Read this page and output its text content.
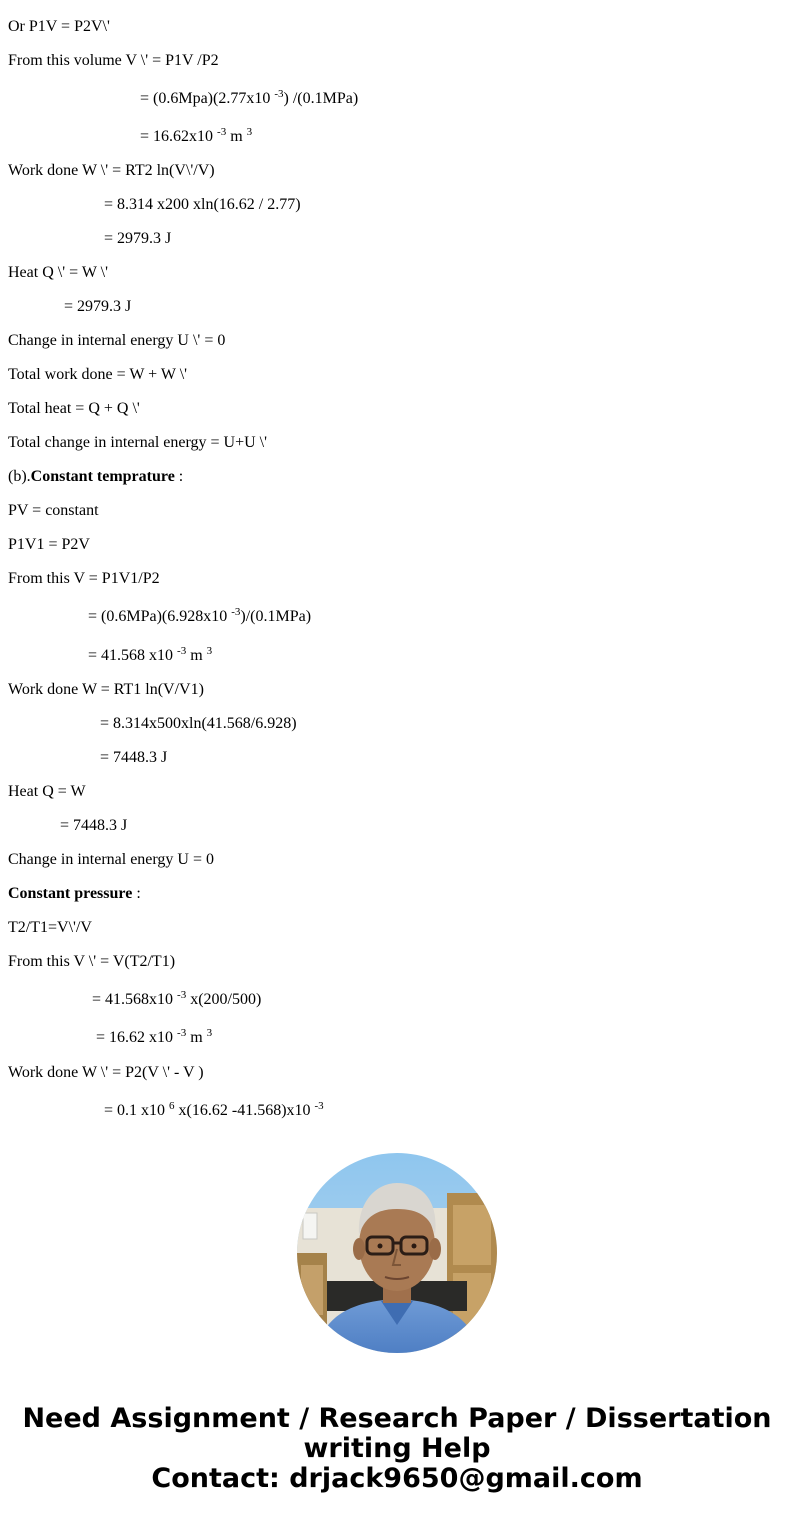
Or P1V = P2V\'

From this volume V \' = P1V /P2

= (0.6Mpa)(2.77x10 $^{-3}$) /(0.1MPa)

= 16.62x10 $^{-3}$ m $^3$

Work done W \' = RT2 ln(V\'/V)

= 8.314 x200 xln(16.62 / 2.77)

= 2979.3 J

Heat Q \' = W \'

= 2979.3 J

Change in internal energy U \' = 0

Total work done = W + W \'

Total heat = Q + Q \'

Total change in internal energy = U+U \'

(b).Constant temprature :

PV = constant

P1V1 = P2V

From this V = P1V1/P2

= (0.6MPa)(6.928x10 $^{-3}$)/(0.1MPa)

= 41.568 x10 $^{-3}$ m $^3$

Work done W = RT1 ln(V/V1)

= 8.314x500xln(41.568/6.928)

= 7448.3 J

Heat Q = W

= 7448.3 J

Change in internal energy U = 0

Constant pressure :

T2/T1=V\'/V

From this V \' = V(T2/T1)

= 41.568x10 $^{-3}$ x(200/500)

= 16.62 x10 $^{-3}$ m $^3$

Work done W \' = P2(V \' - V )

= 0.1 x10 $^6$ x(16.62 -41.568)x10 $^{-3}$

Need Assignment / Research Paper / Dissertation
writing Help
Contact: drjack9650@gmail.com
